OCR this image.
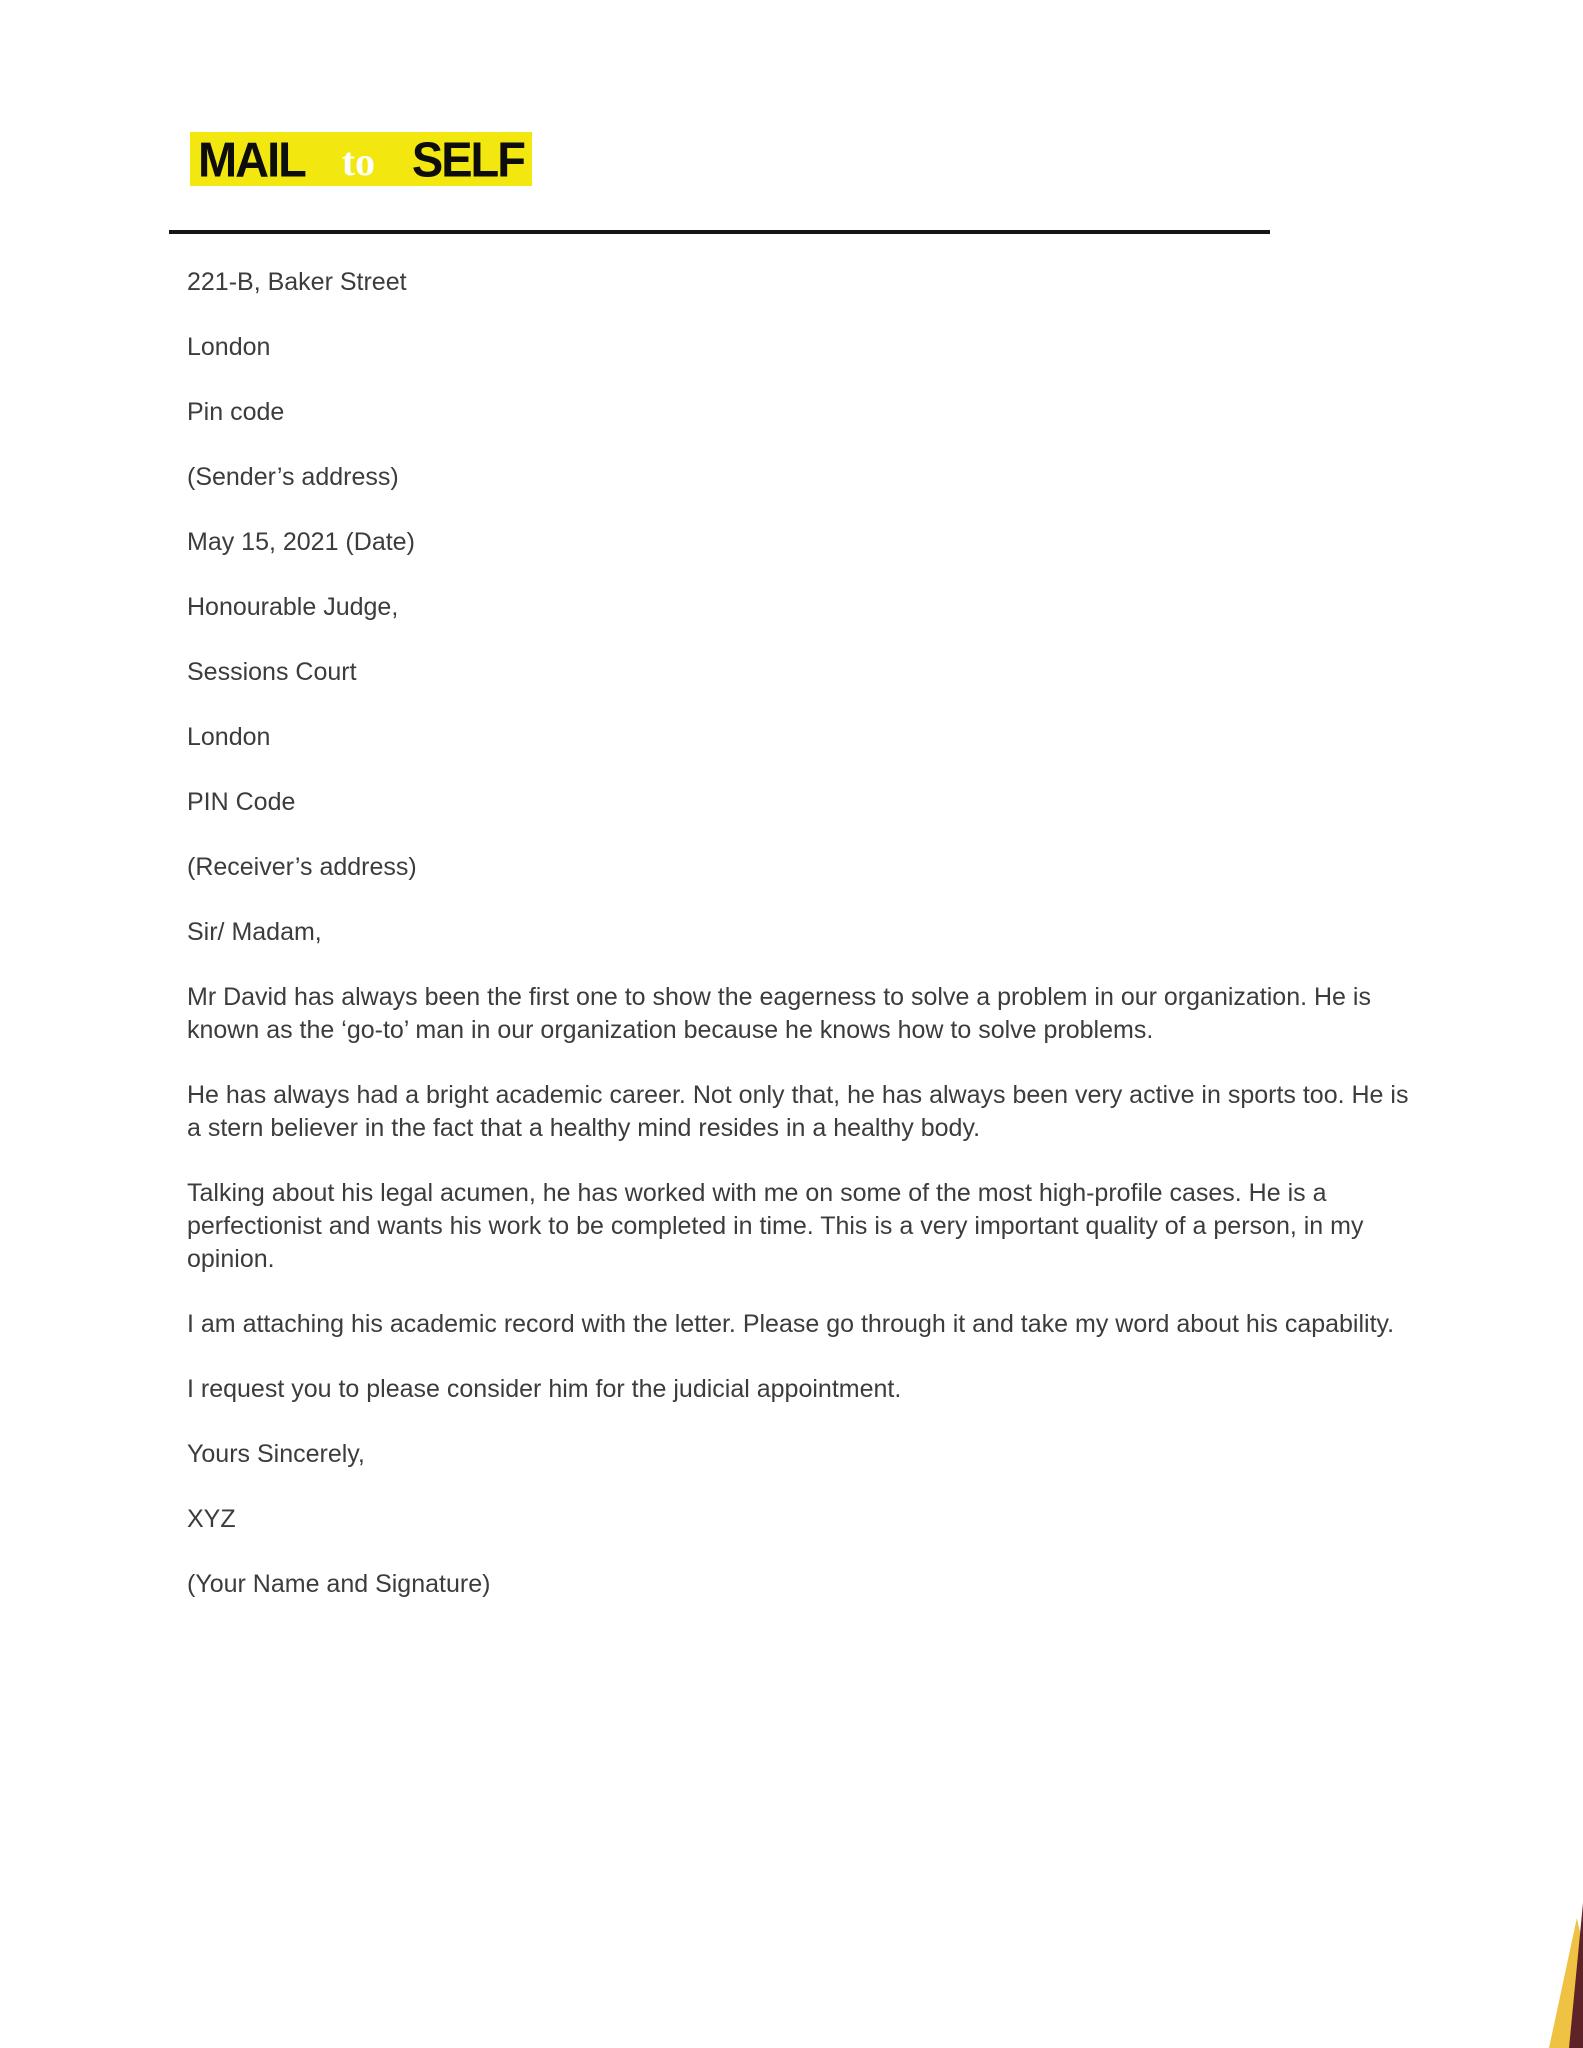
MAIL to SELF

221-B, Baker Street

London

Pin code

(Sender’s address)

May 15, 2021 (Date)

Honourable Judge,

Sessions Court

London

PIN Code

(Receiver’s address)

Sir/ Madam,

Mr David has always been the first one to show the eagerness to solve a problem in our organization. He is known as the ‘go-to’ man in our organization because he knows how to solve problems.

He has always had a bright academic career. Not only that, he has always been very active in sports too. He is a stern believer in the fact that a healthy mind resides in a healthy body.

Talking about his legal acumen, he has worked with me on some of the most high-profile cases. He is a perfectionist and wants his work to be completed in time. This is a very important quality of a person, in my opinion.

I am attaching his academic record with the letter. Please go through it and take my word about his capability.

I request you to please consider him for the judicial appointment.

Yours Sincerely,

XYZ

(Your Name and Signature)
